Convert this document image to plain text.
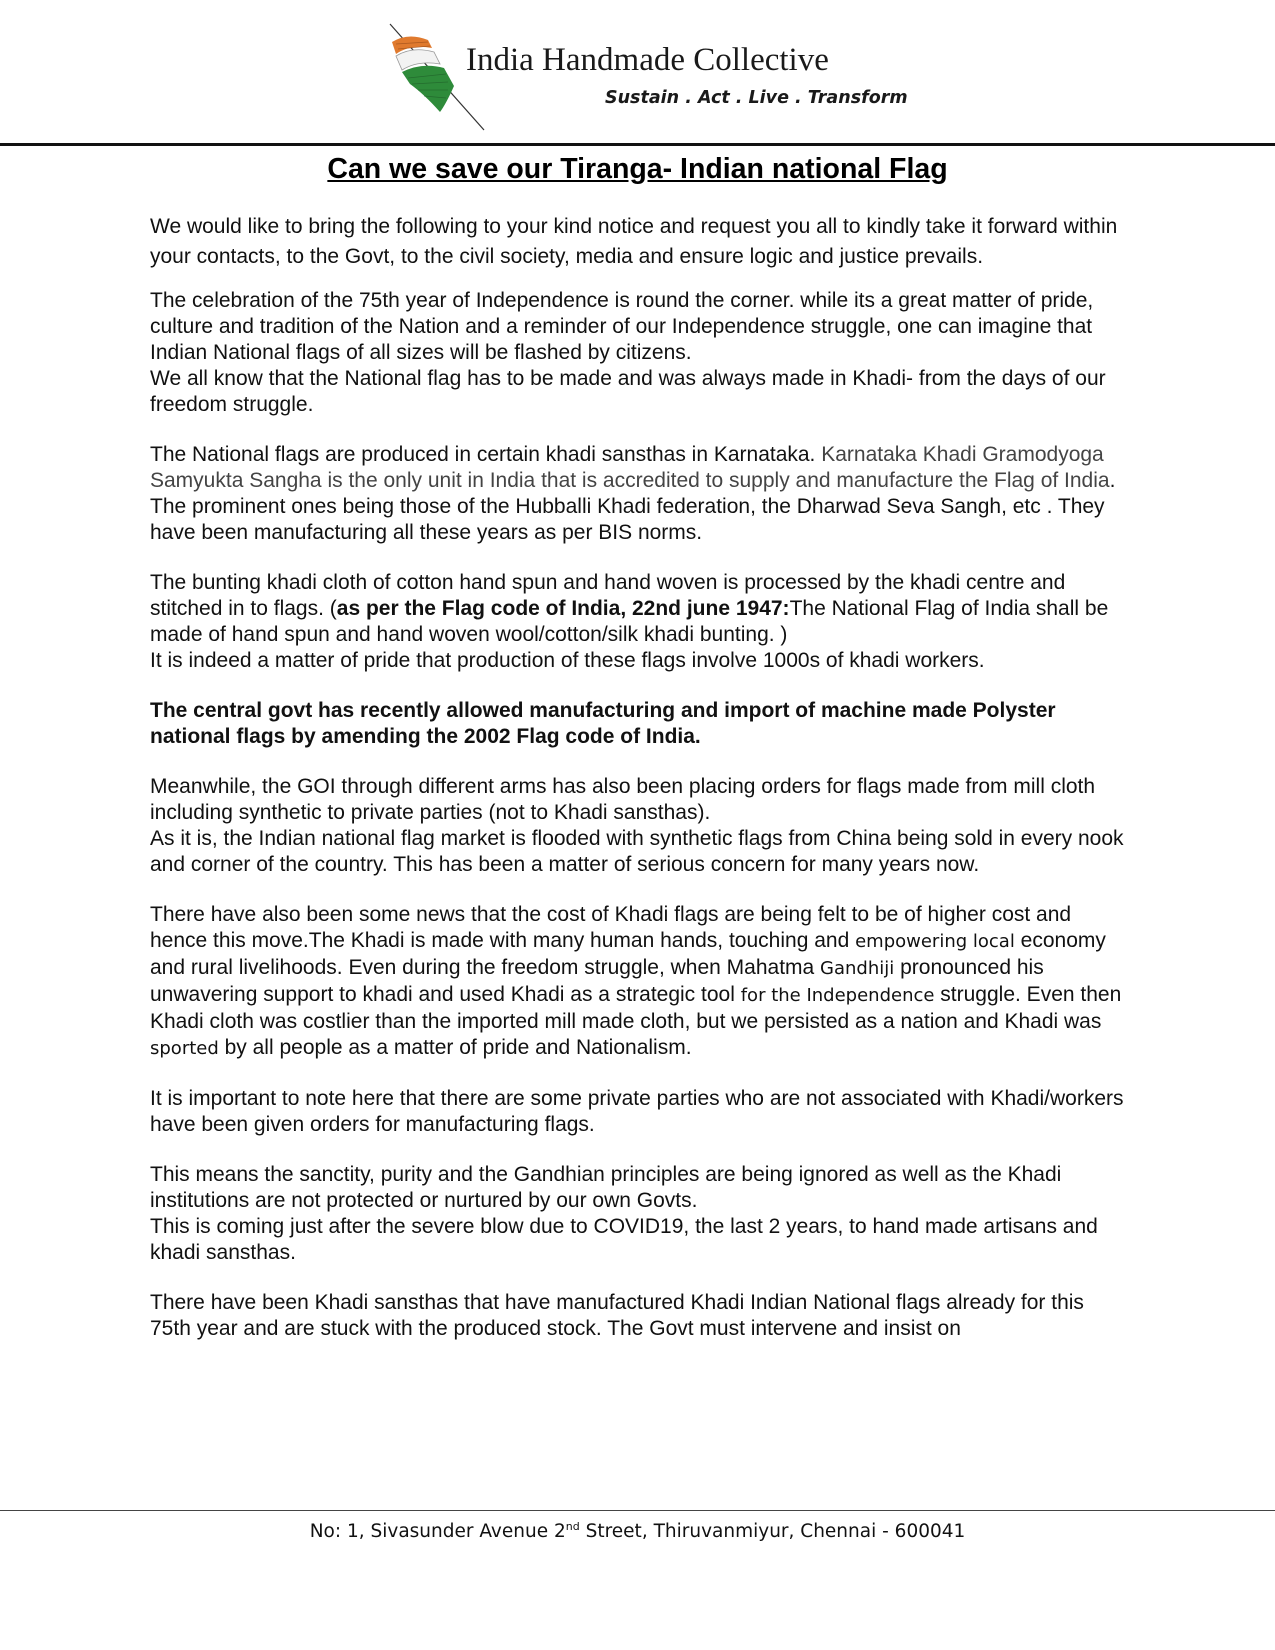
India Handmade Collective
Sustain . Act . Live . Transform
Can we save our Tiranga- Indian national Flag

We would like to bring the following to your kind notice and request you all to kindly take it forward within your contacts, to the Govt, to the civil society, media and ensure logic and justice prevails.

The celebration of the 75th year of Independence is round the corner. while its a great matter of pride, culture and tradition of the Nation and a reminder of our Independence struggle, one can imagine that Indian National flags of all sizes will be flashed by citizens.

We all know that the National flag has to be made and was always made in Khadi- from the days of our freedom struggle.

The National flags are produced in certain khadi sansthas in Karnataka. Karnataka Khadi Gramodyoga Samyukta Sangha is the only unit in India that is accredited to supply and manufacture the Flag of India. The prominent ones being those of the Hubballi Khadi federation, the Dharwad Seva Sangh, etc . They have been manufacturing all these years as per BIS norms.

The bunting khadi cloth of cotton hand spun and hand woven is processed by the khadi centre and stitched in to flags. (as per the Flag code of India, 22nd june 1947:The National Flag of India shall be made of hand spun and hand woven wool/cotton/silk khadi bunting. )

It is indeed a matter of pride that production of these flags involve 1000s of khadi workers.

The central govt has recently allowed manufacturing and import of machine made Polyster national flags by amending the 2002 Flag code of India.

Meanwhile, the GOI through different arms has also been placing orders for flags made from mill cloth including synthetic to private parties (not to Khadi sansthas).

As it is, the Indian national flag market is flooded with synthetic flags from China being sold in every nook and corner of the country. This has been a matter of serious concern for many years now.

There have also been some news that the cost of Khadi flags are being felt to be of higher cost and hence this move.The Khadi is made with many human hands, touching and empowering local economy and rural livelihoods. Even during the freedom struggle, when Mahatma Gandhiji pronounced his unwavering support to khadi and used Khadi as a strategic tool for the Independence struggle. Even then Khadi cloth was costlier than the imported mill made cloth, but we persisted as a nation and Khadi was sported by all people as a matter of pride and Nationalism.

It is important to note here that there are some private parties who are not associated with Khadi/workers have been given orders for manufacturing flags.

This means the sanctity, purity and the Gandhian principles are being ignored as well as the Khadi institutions are not protected or nurtured by our own Govts.

This is coming just after the severe blow due to COVID19, the last 2 years, to hand made artisans and khadi sansthas.

There have been Khadi sansthas that have manufactured Khadi Indian National flags already for this 75th year and are stuck with the produced stock. The Govt must intervene and insist on

No: 1, Sivasunder Avenue 2nd Street, Thiruvanmiyur, Chennai - 600041
